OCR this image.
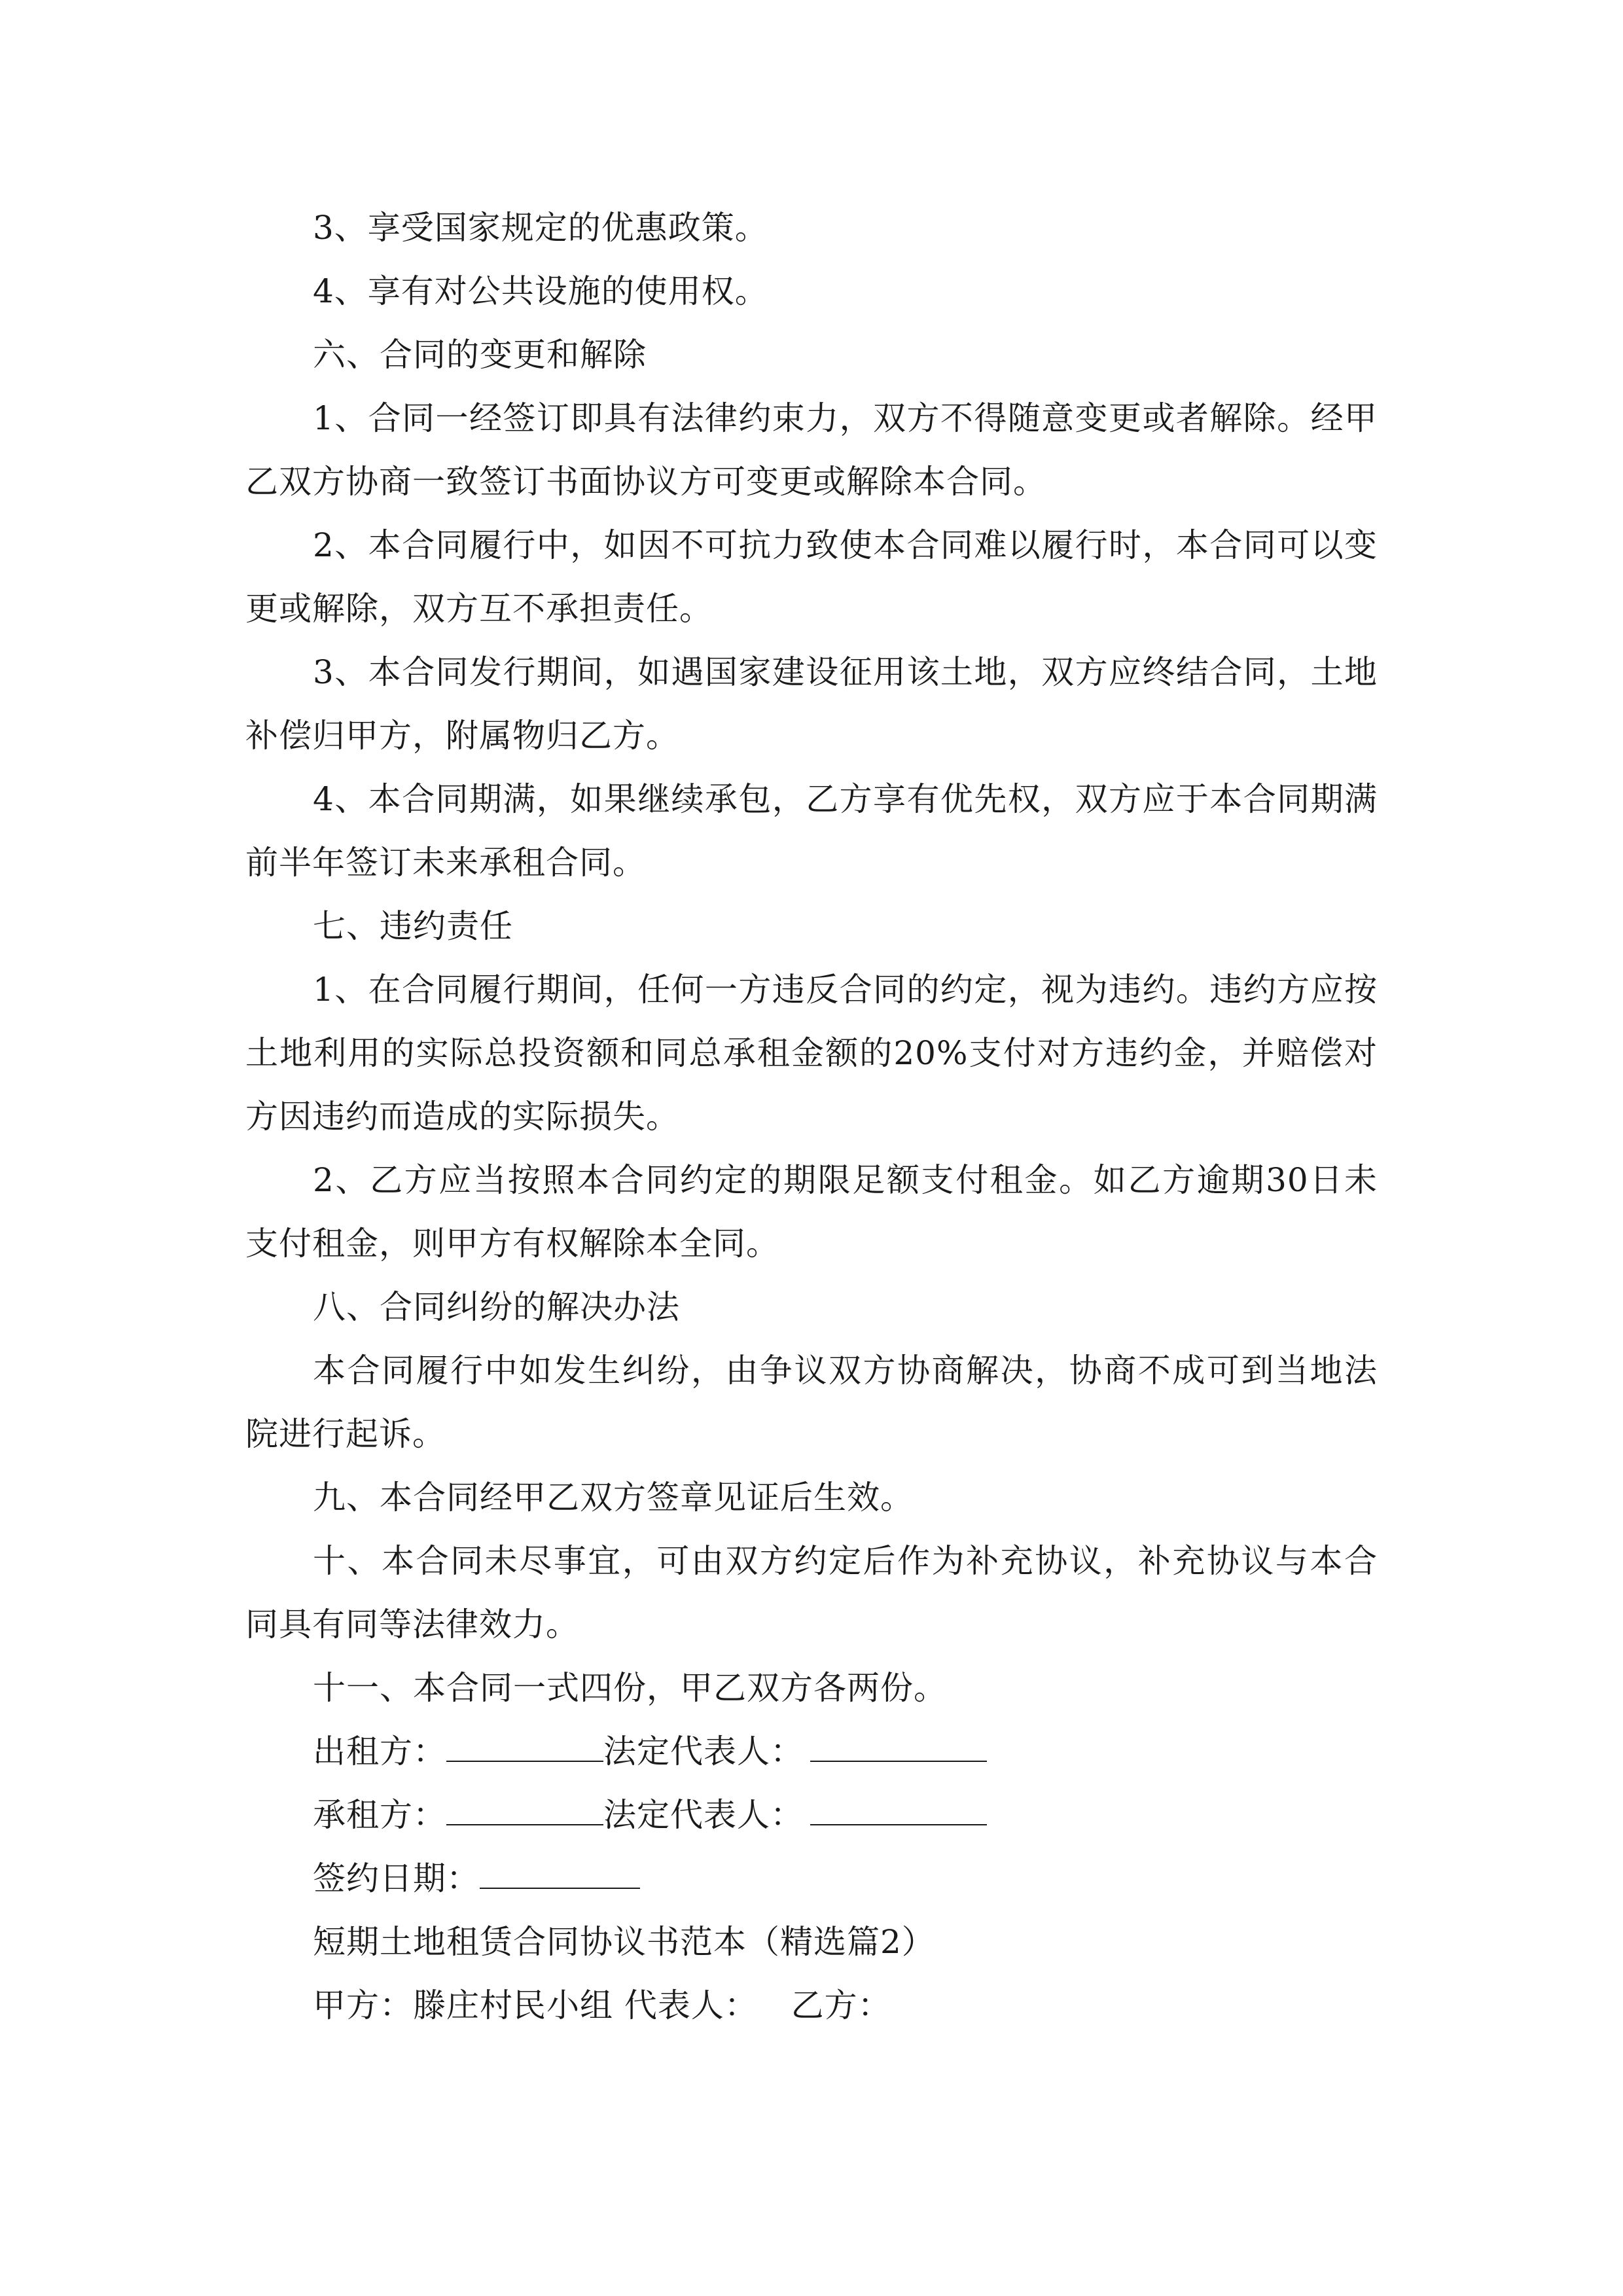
3、享受国家规定的优惠政策。

4、享有对公共设施的使用权。

六、合同的变更和解除

1、合同一经签订即具有法律约束力，双方不得随意变更或者解除。经甲乙双方协商一致签订书面协议方可变更或解除本合同。

2、本合同履行中，如因不可抗力致使本合同难以履行时，本合同可以变更或解除，双方互不承担责任。

3、本合同发行期间，如遇国家建设征用该土地，双方应终结合同，土地补偿归甲方，附属物归乙方。

4、本合同期满，如果继续承包，乙方享有优先权，双方应于本合同期满前半年签订未来承租合同。

七、违约责任

1、在合同履行期间，任何一方违反合同的约定，视为违约。违约方应按土地利用的实际总投资额和同总承租金额的20%支付对方违约金，并赔偿对方因违约而造成的实际损失。

2、乙方应当按照本合同约定的期限足额支付租金。如乙方逾期30日未支付租金，则甲方有权解除本全同。

八、合同纠纷的解决办法

本合同履行中如发生纠纷，由争议双方协商解决，协商不成可到当地法院进行起诉。

九、本合同经甲乙双方签章见证后生效。

十、本合同未尽事宜，可由双方约定后作为补充协议，补充协议与本合同具有同等法律效力。

十一、本合同一式四份，甲乙双方各两份。

出租方：	法定代表人：
承租方：	法定代表人：
签约日期：

短期土地租赁合同协议书范本（精选篇2）

甲方：滕庄村民小组 代表人：   乙方：
